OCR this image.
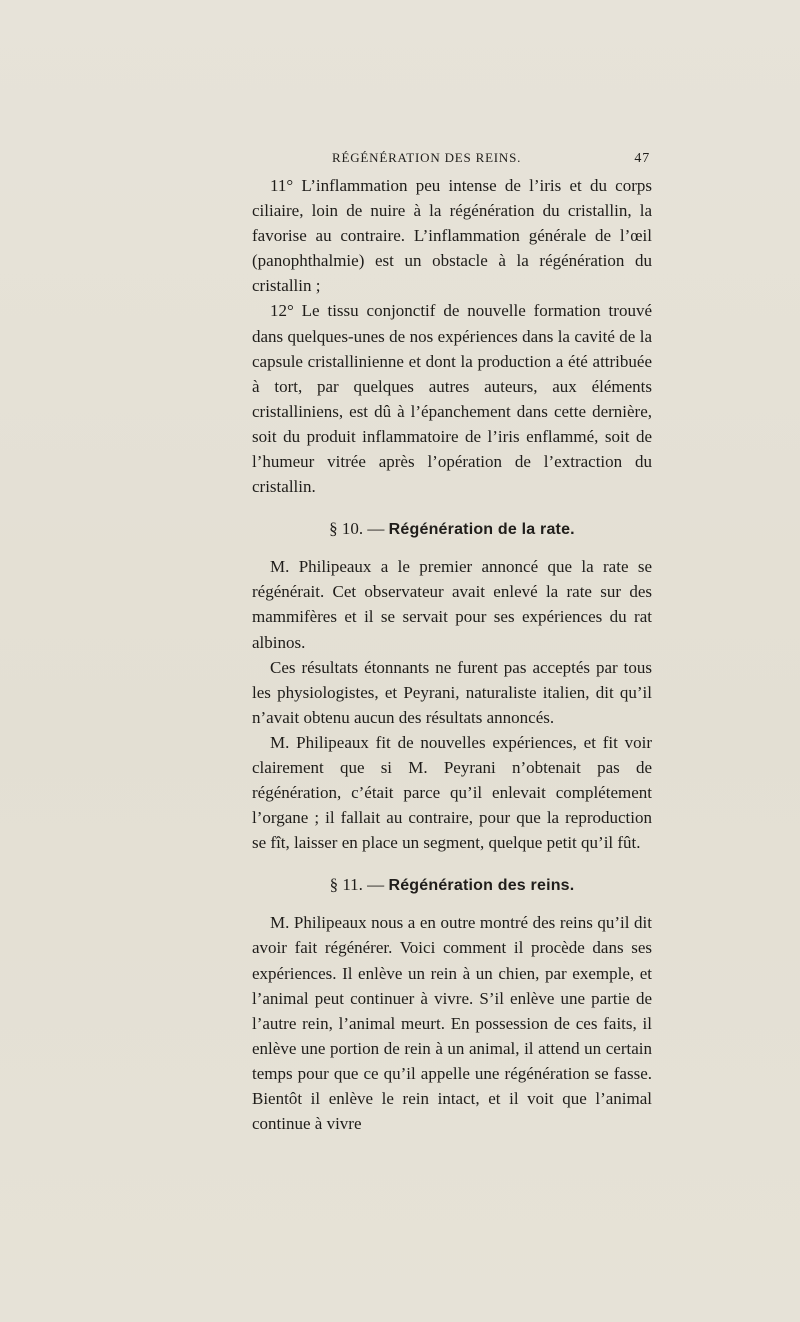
RÉGÉNÉRATION DES REINS.	47

11° L’inflammation peu intense de l’iris et du corps ciliaire, loin de nuire à la régénération du cristallin, la favorise au contraire. L’inflammation générale de l’œil (panophthalmie) est un obstacle à la régénération du cristallin ;

12° Le tissu conjonctif de nouvelle formation trouvé dans quelques-unes de nos expériences dans la cavité de la capsule cristallinienne et dont la production a été attribuée à tort, par quelques autres auteurs, aux éléments cristalliniens, est dû à l’épanchement dans cette dernière, soit du produit inflammatoire de l’iris enflammé, soit de l’humeur vitrée après l’opération de l’extraction du cristallin.

§ 10. — Régénération de la rate.

M. Philipeaux a le premier annoncé que la rate se régénérait. Cet observateur avait enlevé la rate sur des mammifères et il se servait pour ses expériences du rat albinos.

Ces résultats étonnants ne furent pas acceptés par tous les physiologistes, et Peyrani, naturaliste italien, dit qu’il n’avait obtenu aucun des résultats annoncés.

M. Philipeaux fit de nouvelles expériences, et fit voir clairement que si M. Peyrani n’obtenait pas de régénération, c’était parce qu’il enlevait complétement l’organe ; il fallait au contraire, pour que la reproduction se fît, laisser en place un segment, quelque petit qu’il fût.

§ 11. — Régénération des reins.

M. Philipeaux nous a en outre montré des reins qu’il dit avoir fait régénérer. Voici comment il procède dans ses expériences. Il enlève un rein à un chien, par exemple, et l’animal peut continuer à vivre. S’il enlève une partie de l’autre rein, l’animal meurt. En possession de ces faits, il enlève une portion de rein à un animal, il attend un certain temps pour que ce qu’il appelle une régénération se fasse. Bientôt il enlève le rein intact, et il voit que l’animal continue à vivre
